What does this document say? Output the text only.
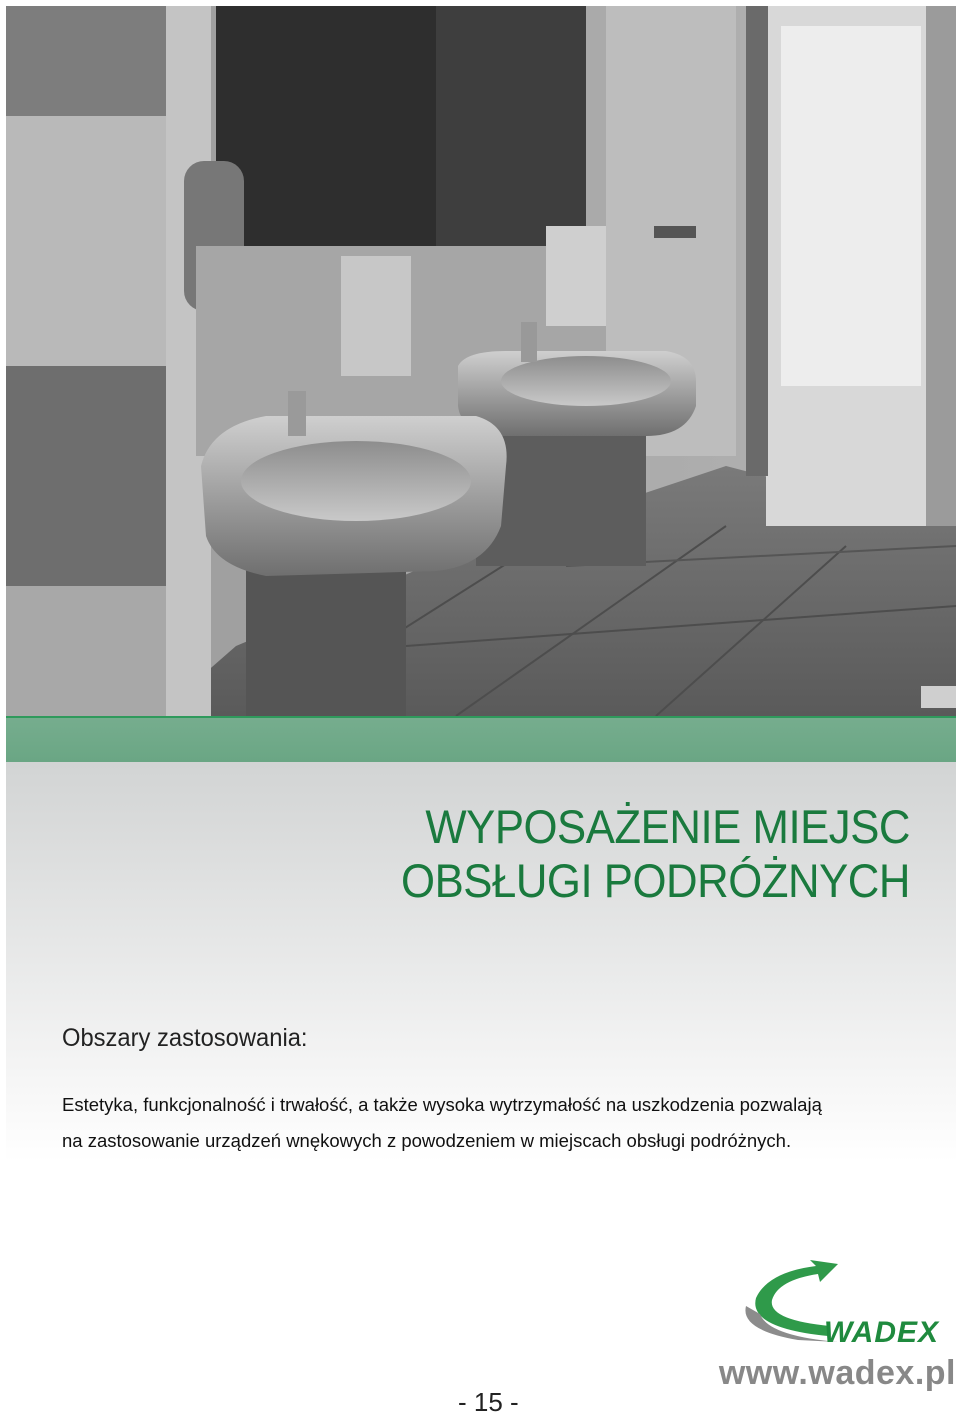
WYPOSAŻENIE MIEJSC
OBSŁUGI PODRÓŻNYCH
Obszary zastosowania:
Estetyka, funkcjonalność i trwałość, a także wysoka wytrzymałość na uszkodzenia pozwalają
na zastosowanie urządzeń wnękowych z powodzeniem w miejscach obsługi podróżnych.
WADEX
www.wadex.pl
- 15 -
